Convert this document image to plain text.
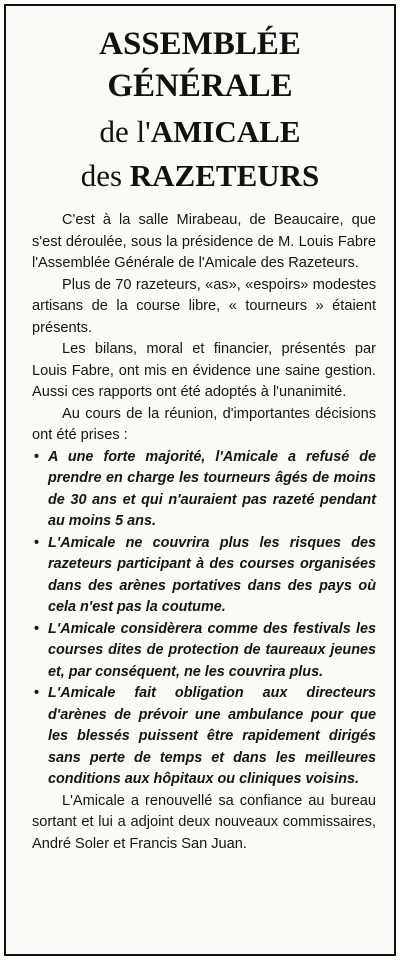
ASSEMBLÉE
GÉNÉRALE
de l'AMICALE
des RAZETEURS

C'est à la salle Mirabeau, de Beaucaire, que s'est déroulée, sous la présidence de M. Louis Fabre l'Assemblée Générale de l'Amicale des Razeteurs.

Plus de 70 razeteurs, «as», «espoirs» modestes artisans de la course libre, « tourneurs » étaient présents.

Les bilans, moral et financier, présentés par Louis Fabre, ont mis en évidence une saine gestion. Aussi ces rapports ont été adoptés à l'unanimité.

Au cours de la réunion, d'importantes décisions ont été prises :

• A une forte majorité, l'Amicale a refusé de prendre en charge les tourneurs âgés de moins de 30 ans et qui n'auraient pas razeté pendant au moins 5 ans.
• L'Amicale ne couvrira plus les risques des razeteurs participant à des courses organisées dans des arènes portatives dans des pays où cela n'est pas la coutume.
• L'Amicale considèrera comme des festivals les courses dites de protection de taureaux jeunes et, par conséquent, ne les couvrira plus.
• L'Amicale fait obligation aux directeurs d'arènes de prévoir une ambulance pour que les blessés puissent être rapidement dirigés sans perte de temps et dans les meilleures conditions aux hôpitaux ou cliniques voisins.

L'Amicale a renouvellé sa confiance au bureau sortant et lui a adjoint deux nouveaux commissaires, André Soler et Francis San Juan.
